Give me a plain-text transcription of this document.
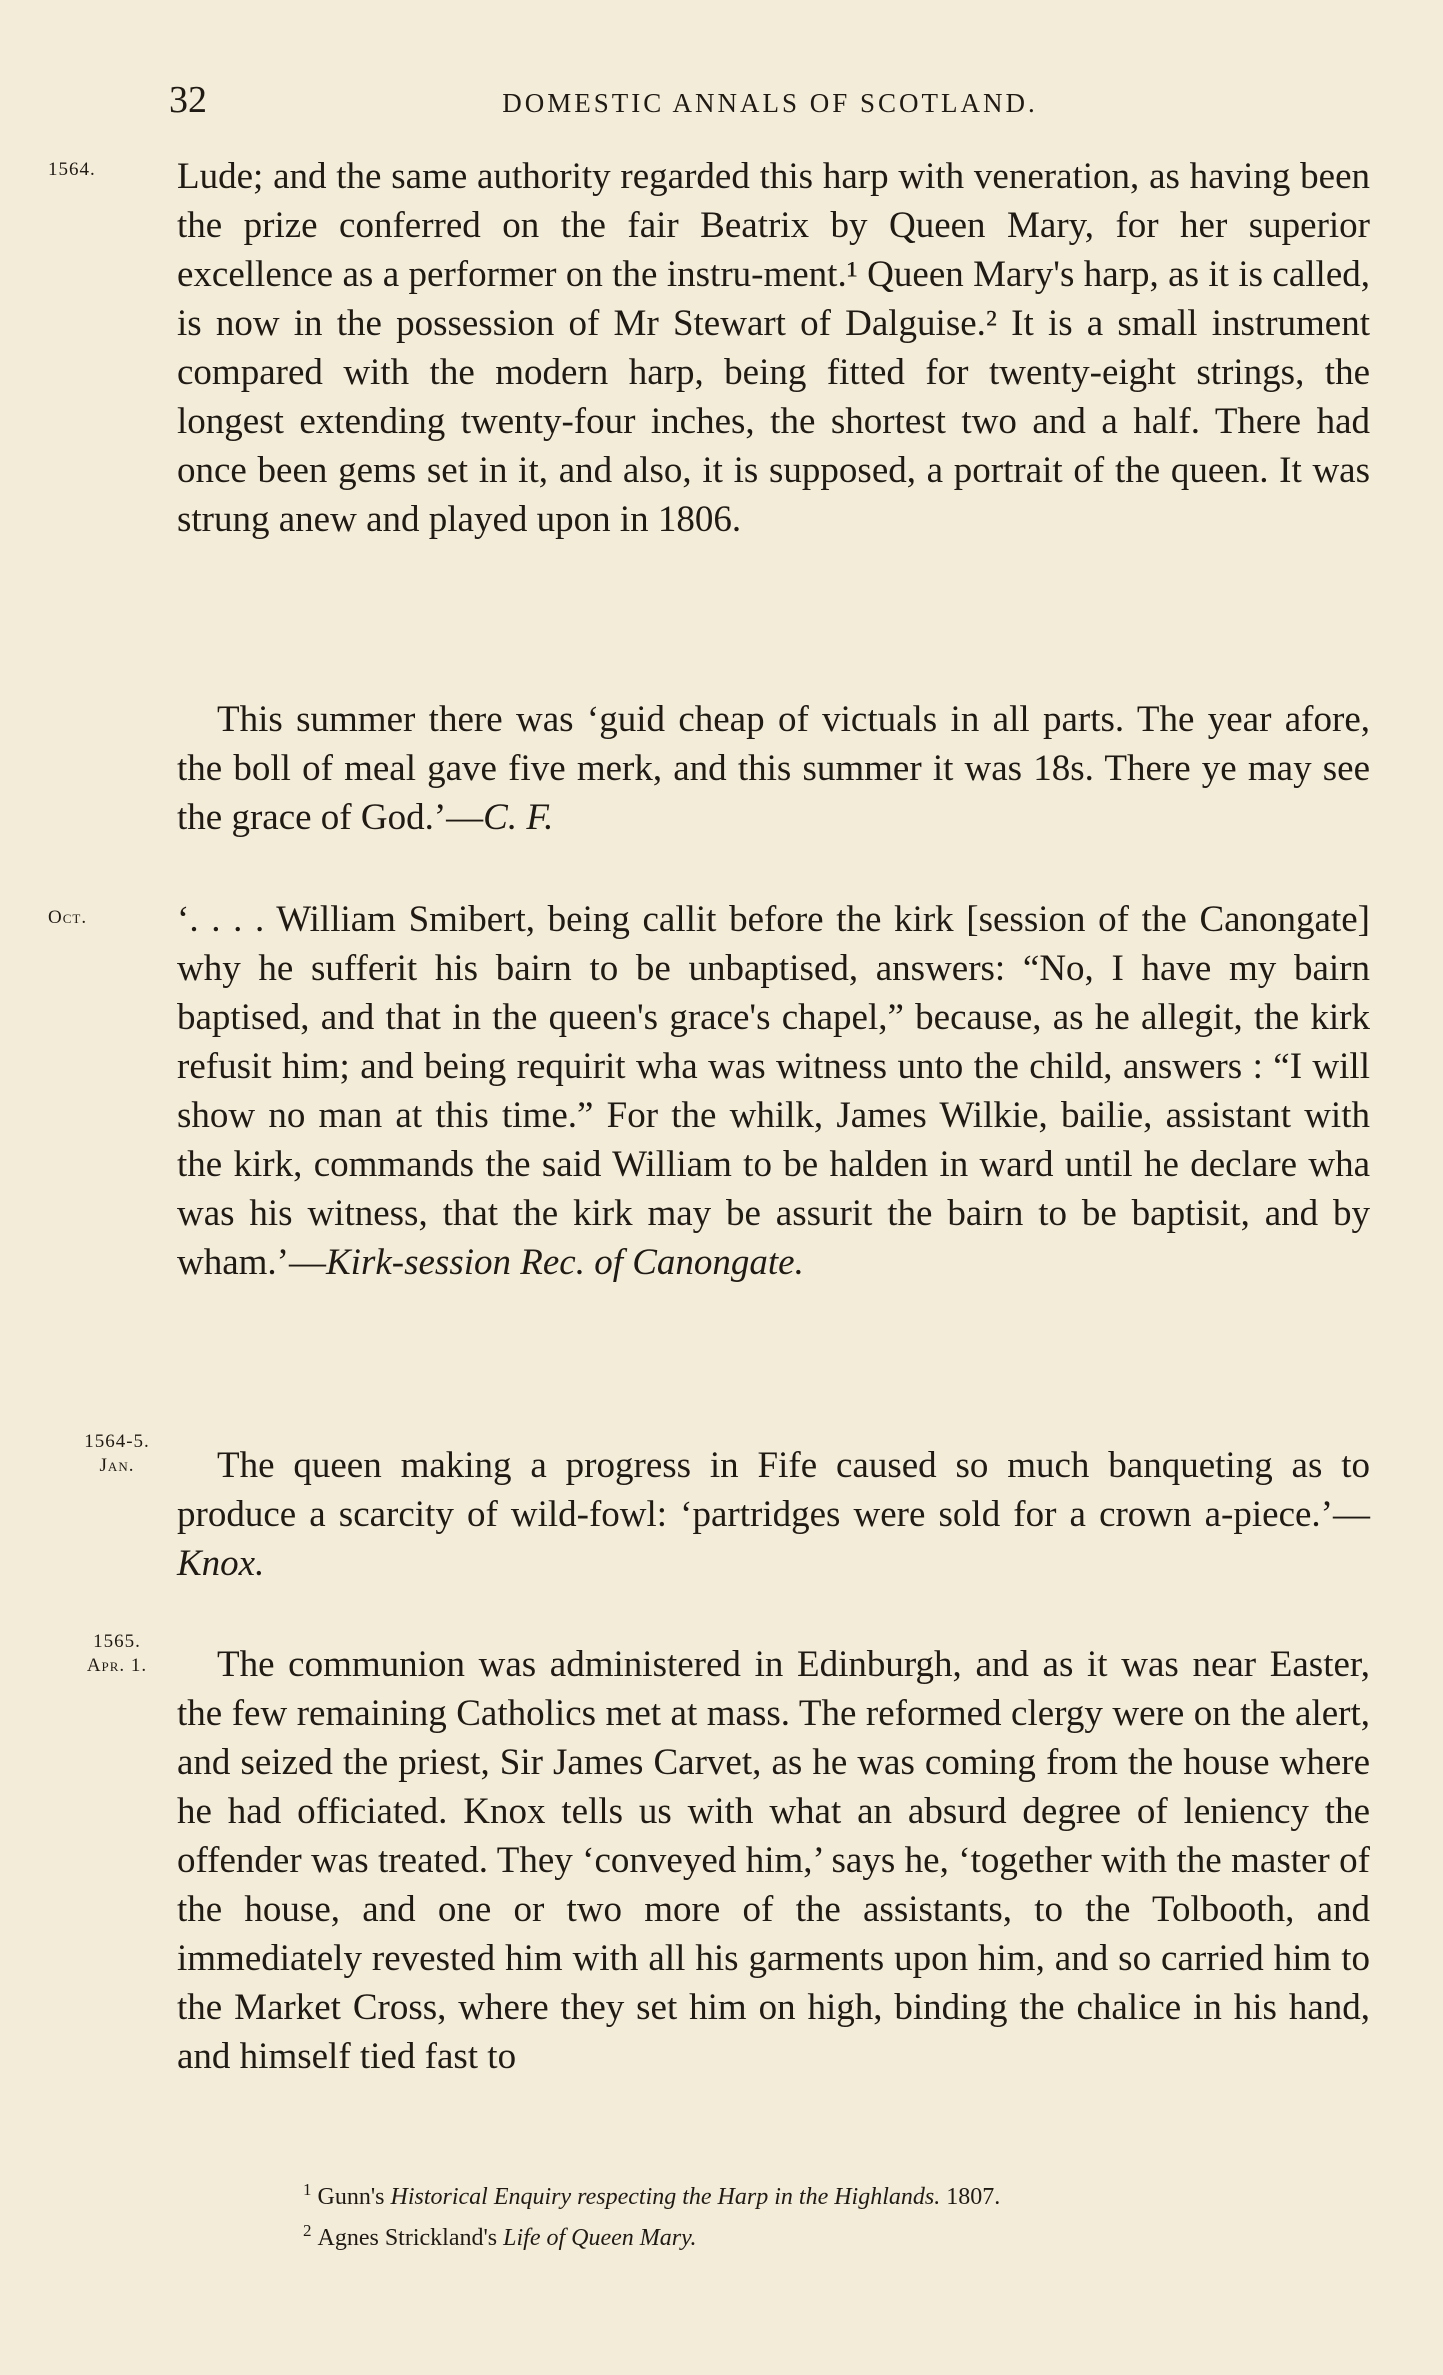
32	DOMESTIC ANNALS OF SCOTLAND.
1564.	Lude; and the same authority regarded this harp with veneration, as having been the prize conferred on the fair Beatrix by Queen Mary, for her superior excellence as a performer on the instru-ment.¹ Queen Mary's harp, as it is called, is now in the possession of Mr Stewart of Dalguise.² It is a small instrument compared with the modern harp, being fitted for twenty-eight strings, the longest extending twenty-four inches, the shortest two and a half. There had once been gems set in it, and also, it is supposed, a portrait of the queen. It was strung anew and played upon in 1806.

This summer there was ‘guid cheap of victuals in all parts. The year afore, the boll of meal gave five merk, and this summer it was 18s. There ye may see the grace of God.’—C. F.

Oct.	‘. . . . William Smibert, being callit before the kirk [session of the Canongate] why he sufferit his bairn to be unbaptised, answers: “No, I have my bairn baptised, and that in the queen's grace's chapel,” because, as he allegit, the kirk refusit him; and being requirit wha was witness unto the child, answers : “I will show no man at this time.” For the whilk, James Wilkie, bailie, assistant with the kirk, commands the said William to be halden in ward until he declare wha was his witness, that the kirk may be assurit the bairn to be baptisit, and by wham.’—Kirk-session Rec. of Canongate.

1564-5.
Jan.	The queen making a progress in Fife caused so much banqueting as to produce a scarcity of wild-fowl: ‘partridges were sold for a crown a-piece.’—Knox.

1565.
Apr. 1.	The communion was administered in Edinburgh, and as it was near Easter, the few remaining Catholics met at mass. The reformed clergy were on the alert, and seized the priest, Sir James Carvet, as he was coming from the house where he had officiated. Knox tells us with what an absurd degree of leniency the offender was treated. They ‘conveyed him,’ says he, ‘together with the master of the house, and one or two more of the assistants, to the Tolbooth, and immediately revested him with all his garments upon him, and so carried him to the Market Cross, where they set him on high, binding the chalice in his hand, and himself tied fast to

$^1$ Gunn's Historical Enquiry respecting the Harp in the Highlands. 1807.
$^2$ Agnes Strickland's Life of Queen Mary.
